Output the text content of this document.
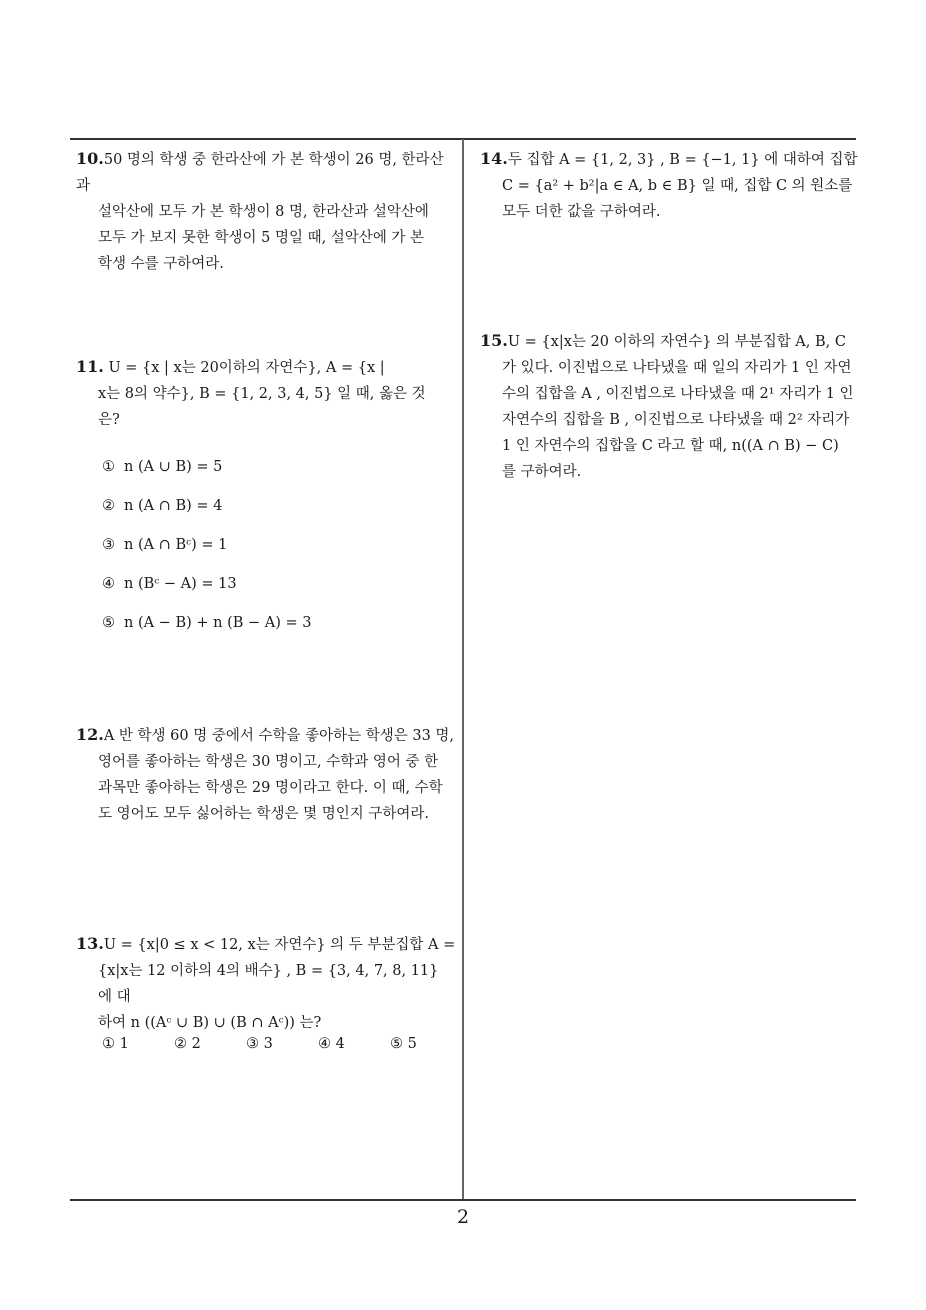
10.50 명의 학생 중 한라산에 가 본 학생이 26 명, 한라산과
설악산에 모두 가 본 학생이 8 명, 한라산과 설악산에
모두 가 보지 못한 학생이 5 명일 때, 설악산에 가 본
학생 수를 구하여라.
11. U = {x | x는 20이하의 자연수}, A = {x |
x는 8의 약수}, B = {1, 2, 3, 4, 5} 일 때, 옳은 것
은?
① n (A ∪ B) = 5
② n (A ∩ B) = 4
③ n (A ∩ Bᶜ) = 1
④ n (Bᶜ − A) = 13
⑤ n (A − B) + n (B − A) = 3
12.A 반 학생 60 명 중에서 수학을 좋아하는 학생은 33 명,
영어를 좋아하는 학생은 30 명이고, 수학과 영어 중 한
과목만 좋아하는 학생은 29 명이라고 한다. 이 때, 수학
도 영어도 모두 싫어하는 학생은 몇 명인지 구하여라.
13.U = {x|0 ≤ x < 12, x는 자연수} 의 두 부분집합 A =
{x|x는 12 이하의 4의 배수} , B = {3, 4, 7, 8, 11} 에 대
하여 n ((Aᶜ ∪ B) ∪ (B ∩ Aᶜ)) 는?
① 1	② 2	③ 3	④ 4	⑤ 5
14.두 집합 A = {1, 2, 3} , B = {−1, 1} 에 대하여 집합
C = {a² + b²|a ∈ A, b ∈ B} 일 때, 집합 C 의 원소를
모두 더한 값을 구하여라.
15.U = {x|x는 20 이하의 자연수} 의 부분집합 A, B, C
가 있다. 이진법으로 나타냈을 때 일의 자리가 1 인 자연
수의 집합을 A , 이진법으로 나타냈을 때 2¹ 자리가 1 인
자연수의 집합을 B , 이진법으로 나타냈을 때 2² 자리가
1 인 자연수의 집합을 C 라고 할 때, n((A ∩ B) − C)
를 구하여라.
2
